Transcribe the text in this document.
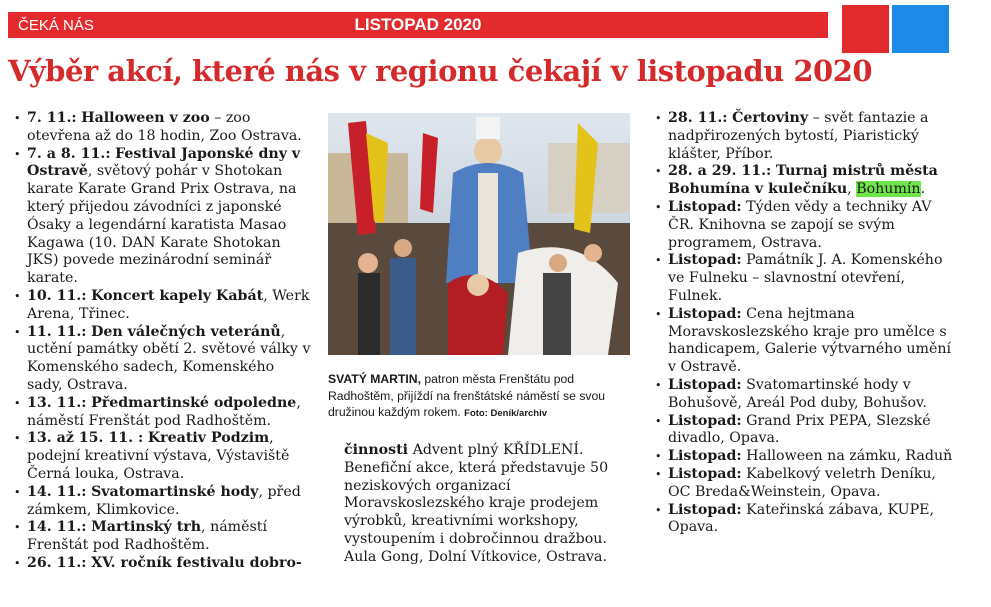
ČEKÁ NÁS	LISTOPAD 2020
Výběr akcí, které nás v regionu čekají v listopadu 2020
• 7. 11.: Halloween v zoo – zoo otevřena až do 18 hodin, Zoo Ostrava.
• 7. a 8. 11.: Festival Japonské dny v Ostravě, světový pohár v Shotokan karate Karate Grand Prix Ostrava, na který přijedou závodníci z japonské Ósaky a legendární karatista Masao Kagawa (10. DAN Karate Shotokan JKS) povede mezinárodní seminář karate.
• 10. 11.: Koncert kapely Kabát, Werk Arena, Třinec.
• 11. 11.: Den válečných veteránů, uctění památky obětí 2. světové války v Komenského sadech, Komenského sady, Ostrava.
• 13. 11.: Předmartinské odpoledne, náměstí Frenštát pod Radhoštěm.
• 13. až 15. 11. : Kreativ Podzim, podejní kreativní výstava, Výstaviště Černá louka, Ostrava.
• 14. 11.: Svatomartinské hody, před zámkem, Klimkovice.
• 14. 11.: Martinský trh, náměstí Frenštát pod Radhoštěm.
• 26. 11.: XV. ročník festivalu dobro-
SVATÝ MARTIN, patron města Frenštátu pod Radhoštěm, přijíždí na frenštátské náměstí se svou družinou každým rokem. Foto: Deník/archiv
činnosti Advent plný KŘÍDLENÍ. Benefiční akce, která představuje 50 neziskových organizací Moravskoslezského kraje prodejem výrobků, kreativními workshopy, vystoupením i dobročinnou dražbou. Aula Gong, Dolní Vítkovice, Ostrava.
• 28. 11.: Čertoviny – svět fantazie a nadpřirozených bytostí, Piaristický klášter, Příbor.
• 28. a 29. 11.: Turnaj mistrů města Bohumína v kulečníku, Bohumín.
• Listopad: Týden vědy a techniky AV ČR. Knihovna se zapojí se svým programem, Ostrava.
• Listopad: Památník J. A. Komenského ve Fulneku – slavnostní otevření, Fulnek.
• Listopad: Cena hejtmana Moravskoslezského kraje pro umělce s handicapem, Galerie výtvarného umění v Ostravě.
• Listopad: Svatomartinské hody v Bohušově, Areál Pod duby, Bohušov.
• Listopad: Grand Prix PEPA, Slezské divadlo, Opava.
• Listopad: Halloween na zámku, Raduň
• Listopad: Kabelkový veletrh Deníku, OC Breda&Weinstein, Opava.
• Listopad: Kateřinská zábava, KUPE, Opava.
